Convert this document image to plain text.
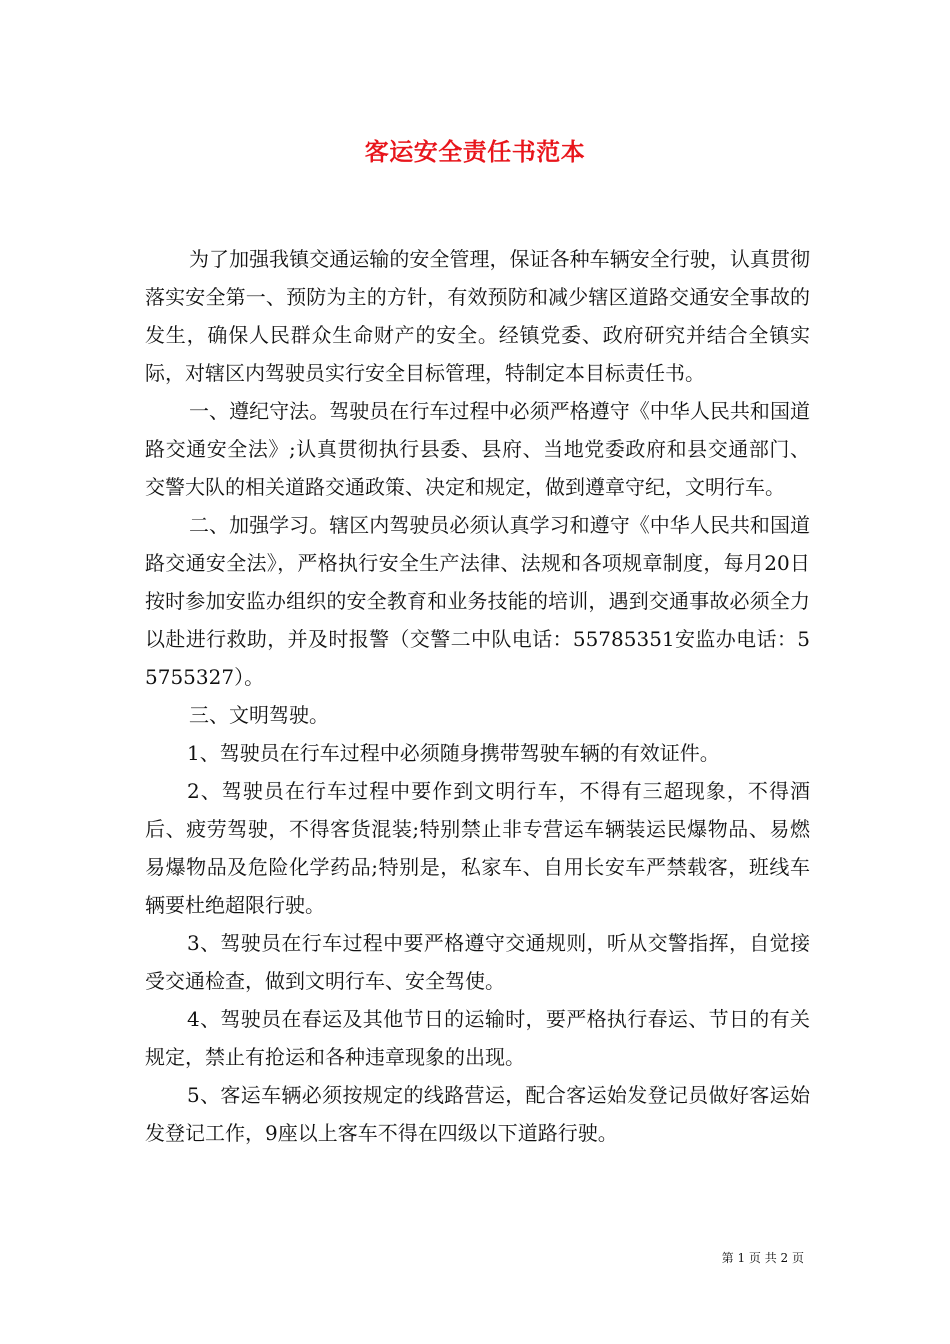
客运安全责任书范本

为了加强我镇交通运输的安全管理，保证各种车辆安全行驶，认真贯彻落实安全第一、预防为主的方针，有效预防和减少辖区道路交通安全事故的发生，确保人民群众生命财产的安全。经镇党委、政府研究并结合全镇实际，对辖区内驾驶员实行安全目标管理，特制定本目标责任书。

一、遵纪守法。驾驶员在行车过程中必须严格遵守《中华人民共和国道路交通安全法》;认真贯彻执行县委、县府、当地党委政府和县交通部门、交警大队的相关道路交通政策、决定和规定，做到遵章守纪，文明行车。

二、加强学习。辖区内驾驶员必须认真学习和遵守《中华人民共和国道路交通安全法》，严格执行安全生产法律、法规和各项规章制度，每月20日按时参加安监办组织的安全教育和业务技能的培训，遇到交通事故必须全力以赴进行救助，并及时报警（交警二中队电话：55785351安监办电话：55755327）。

三、文明驾驶。

1、驾驶员在行车过程中必须随身携带驾驶车辆的有效证件。

2、驾驶员在行车过程中要作到文明行车，不得有三超现象，不得酒后、疲劳驾驶，不得客货混装;特别禁止非专营运车辆装运民爆物品、易燃易爆物品及危险化学药品;特别是，私家车、自用长安车严禁载客，班线车辆要杜绝超限行驶。

3、驾驶员在行车过程中要严格遵守交通规则，听从交警指挥，自觉接受交通检查，做到文明行车、安全驾使。

4、驾驶员在春运及其他节日的运输时，要严格执行春运、节日的有关规定，禁止有抢运和各种违章现象的出现。

5、客运车辆必须按规定的线路营运，配合客运始发登记员做好客运始发登记工作，9座以上客车不得在四级以下道路行驶。

第 1 页 共 2 页
